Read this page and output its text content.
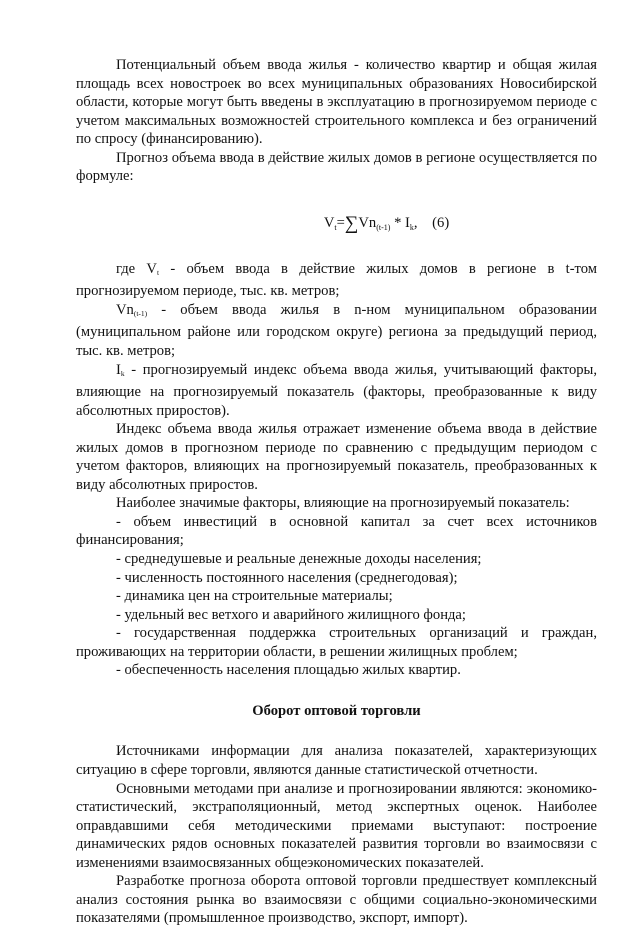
Потенциальный объем ввода жилья - количество квартир и общая жилая площадь всех новостроек во всех муниципальных образованиях Новосибирской области, которые могут быть введены в эксплуатацию в прогнозируемом периоде с учетом максимальных возможностей строительного комплекса и без ограничений по спросу (финансированию).

Прогноз объема ввода в действие жилых домов в регионе осуществляется по формуле:

$V_t=\sum Vn_{(t-1)} * I_k$, (6)

где $V_t$ - объем ввода в действие жилых домов в регионе в t-том прогнозируемом периоде, тыс. кв. метров;

$Vn_{(t-1)}$ - объем ввода жилья в n-ном муниципальном образовании (муниципальном районе или городском округе) региона за предыдущий период, тыс. кв. метров;

$I_k$ - прогнозируемый индекс объема ввода жилья, учитывающий факторы, влияющие на прогнозируемый показатель (факторы, преобразованные к виду абсолютных приростов).

Индекс объема ввода жилья отражает изменение объема ввода в действие жилых домов в прогнозном периоде по сравнению с предыдущим периодом с учетом факторов, влияющих на прогнозируемый показатель, преобразованных к виду абсолютных приростов.

Наиболее значимые факторы, влияющие на прогнозируемый показатель:

- объем инвестиций в основной капитал за счет всех источников финансирования;

- среднедушевые и реальные денежные доходы населения;

- численность постоянного населения (среднегодовая);

- динамика цен на строительные материалы;

- удельный вес ветхого и аварийного жилищного фонда;

- государственная поддержка строительных организаций и граждан, проживающих на территории области, в решении жилищных проблем;

- обеспеченность населения площадью жилых квартир.

Оборот оптовой торговли

Источниками информации для анализа показателей, характеризующих ситуацию в сфере торговли, являются данные статистической отчетности.

Основными методами при анализе и прогнозировании являются: экономико-статистический, экстраполяционный, метод экспертных оценок. Наиболее оправдавшими себя методическими приемами выступают: построение динамических рядов основных показателей развития торговли во взаимосвязи с изменениями взаимосвязанных общеэкономических показателей.

Разработке прогноза оборота оптовой торговли предшествует комплексный анализ состояния рынка во взаимосвязи с общими социально-экономическими показателями (промышленное производство, экспорт, импорт).
